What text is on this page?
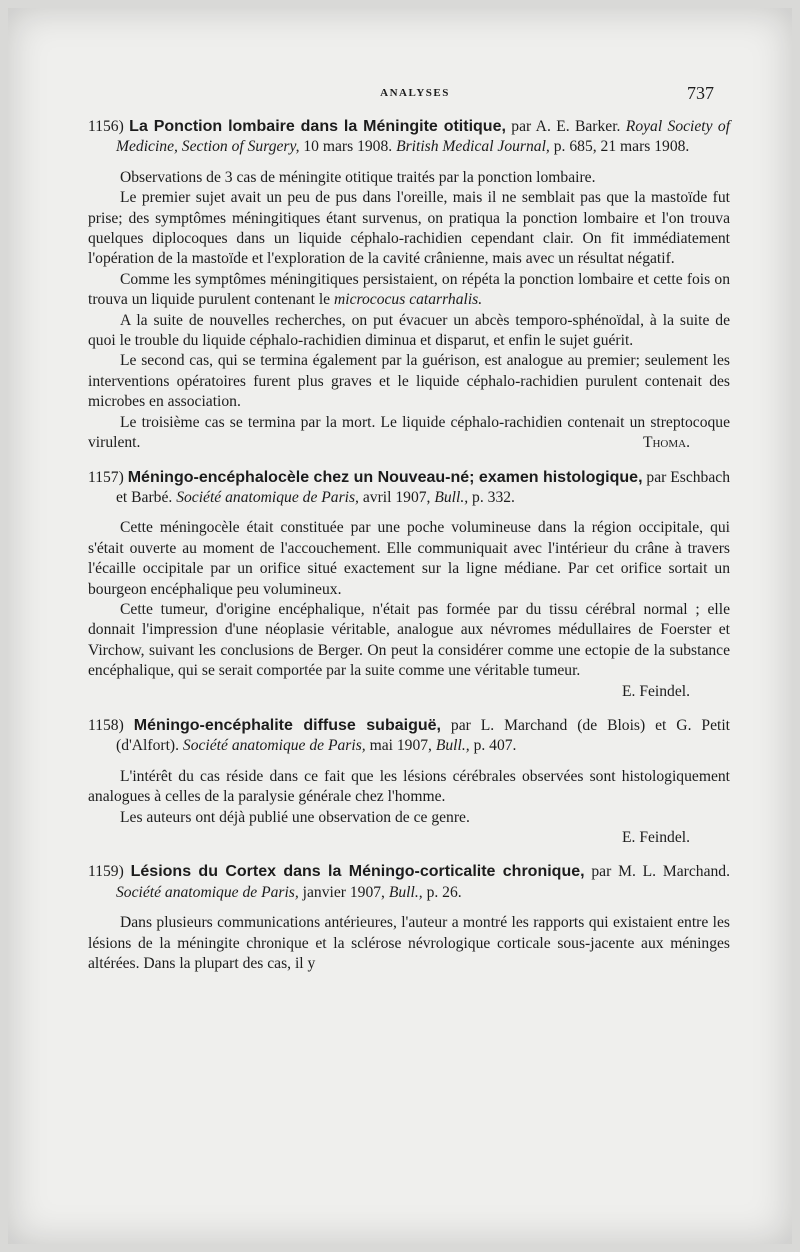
ANALYSES	737

1156) La Ponction lombaire dans la Méningite otitique, par A. E. Barker. Royal Society of Medicine, Section of Surgery, 10 mars 1908. British Medical Journal, p. 685, 21 mars 1908.

Observations de 3 cas de méningite otitique traités par la ponction lombaire.

Le premier sujet avait un peu de pus dans l'oreille, mais il ne semblait pas que la mastoïde fut prise; des symptômes méningitiques étant survenus, on pratiqua la ponction lombaire et l'on trouva quelques diplocoques dans un liquide céphalo-rachidien cependant clair. On fit immédiatement l'opération de la mastoïde et l'exploration de la cavité crânienne, mais avec un résultat négatif.

Comme les symptômes méningitiques persistaient, on répéta la ponction lombaire et cette fois on trouva un liquide purulent contenant le micrococus catarrhalis.

A la suite de nouvelles recherches, on put évacuer un abcès temporo-sphénoïdal, à la suite de quoi le trouble du liquide céphalo-rachidien diminua et disparut, et enfin le sujet guérit.

Le second cas, qui se termina également par la guérison, est analogue au premier; seulement les interventions opératoires furent plus graves et le liquide céphalo-rachidien purulent contenait des microbes en association.

Le troisième cas se termina par la mort. Le liquide céphalo-rachidien contenait un streptocoque virulent.	Thoma.

1157) Méningo-encéphalocèle chez un Nouveau-né; examen histologique, par Eschbach et Barbé. Société anatomique de Paris, avril 1907, Bull., p. 332.

Cette méningocèle était constituée par une poche volumineuse dans la région occipitale, qui s'était ouverte au moment de l'accouchement. Elle communiquait avec l'intérieur du crâne à travers l'écaille occipitale par un orifice situé exactement sur la ligne médiane. Par cet orifice sortait un bourgeon encéphalique peu volumineux.

Cette tumeur, d'origine encéphalique, n'était pas formée par du tissu cérébral normal ; elle donnait l'impression d'une néoplasie véritable, analogue aux névromes médullaires de Foerster et Virchow, suivant les conclusions de Berger. On peut la considérer comme une ectopie de la substance encéphalique, qui se serait comportée par la suite comme une véritable tumeur.

E. Feindel.

1158) Méningo-encéphalite diffuse subaiguë, par L. Marchand (de Blois) et G. Petit (d'Alfort). Société anatomique de Paris, mai 1907, Bull., p. 407.

L'intérêt du cas réside dans ce fait que les lésions cérébrales observées sont histologiquement analogues à celles de la paralysie générale chez l'homme.

Les auteurs ont déjà publié une observation de ce genre.

E. Feindel.

1159) Lésions du Cortex dans la Méningo-corticalite chronique, par M. L. Marchand. Société anatomique de Paris, janvier 1907, Bull., p. 26.

Dans plusieurs communications antérieures, l'auteur a montré les rapports qui existaient entre les lésions de la méningite chronique et la sclérose névrologique corticale sous-jacente aux méninges altérées. Dans la plupart des cas, il y
